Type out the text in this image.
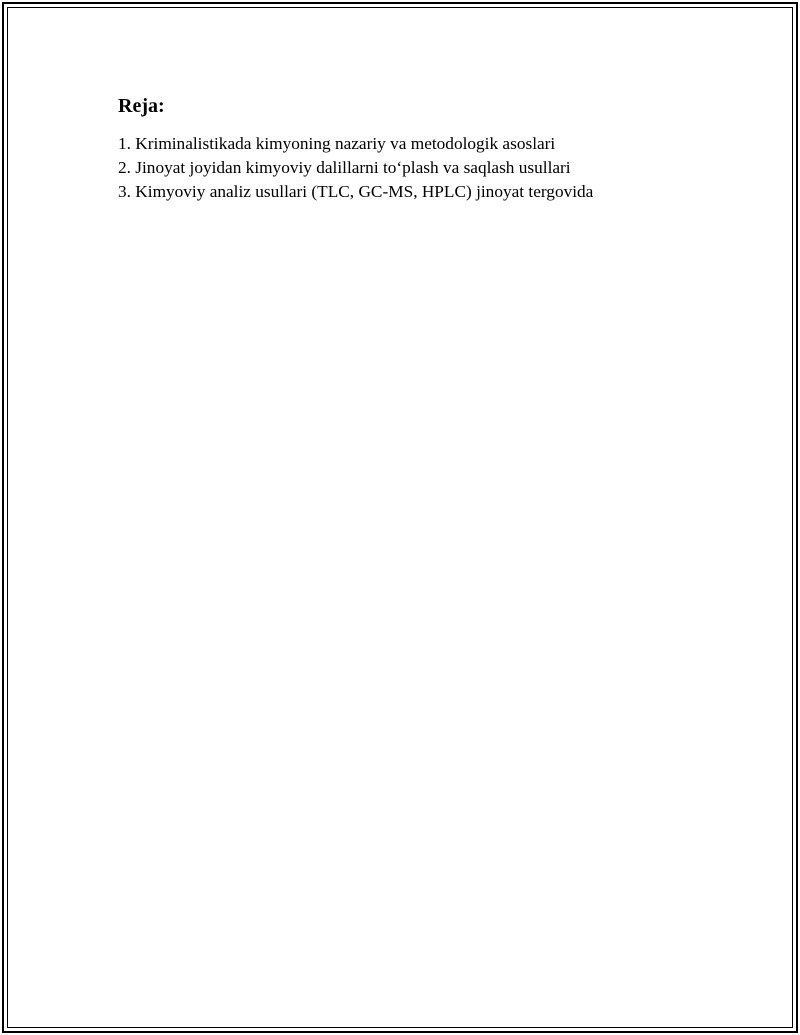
Reja:
1. Kriminalistikada kimyoning nazariy va metodologik asoslari
2. Jinoyat joyidan kimyoviy dalillarni to‘plash va saqlash usullari
3. Kimyoviy analiz usullari (TLC, GC-MS, HPLC) jinoyat tergovida
